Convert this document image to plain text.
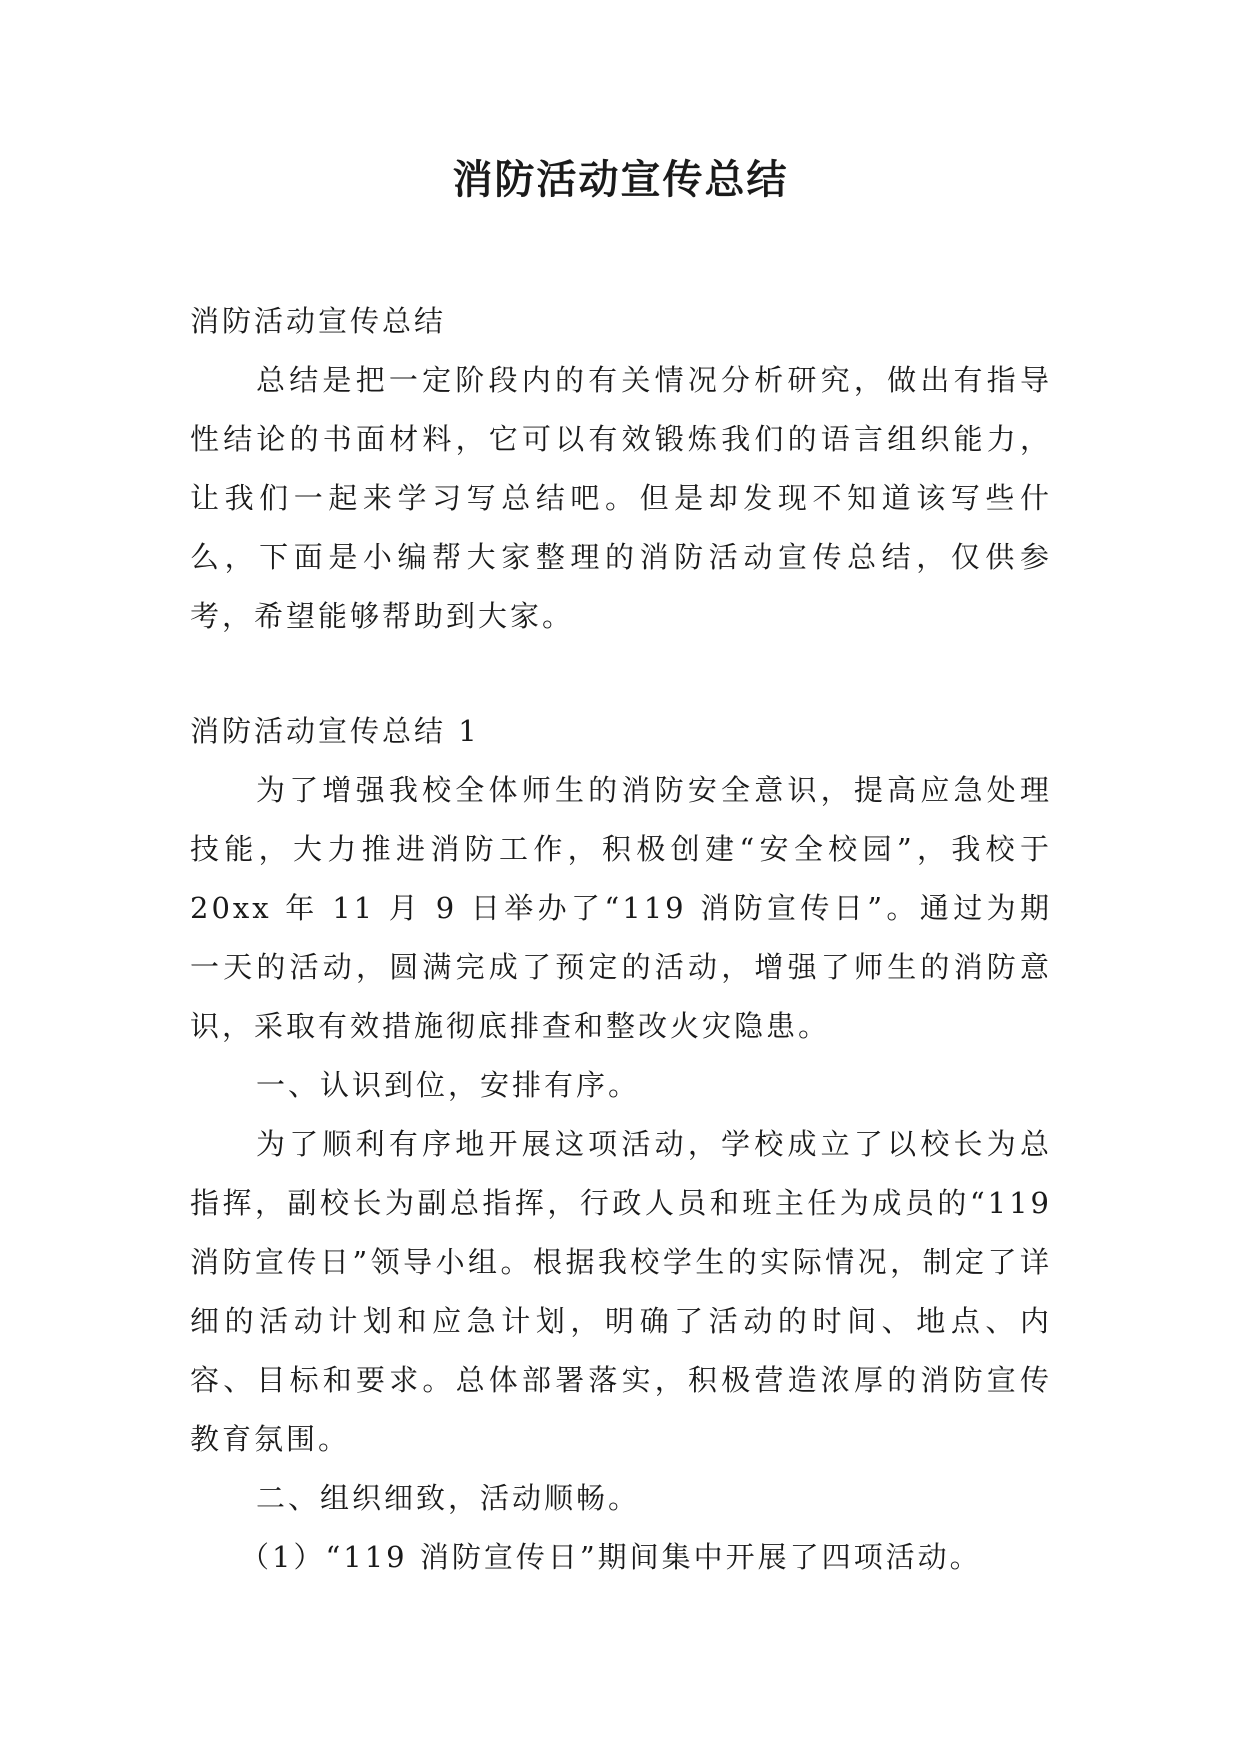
消防活动宣传总结

消防活动宣传总结

总结是把一定阶段内的有关情况分析研究，做出有指导性结论的书面材料，它可以有效锻炼我们的语言组织能力，让我们一起来学习写总结吧。但是却发现不知道该写些什么，下面是小编帮大家整理的消防活动宣传总结，仅供参考，希望能够帮助到大家。

消防活动宣传总结 1

为了增强我校全体师生的消防安全意识，提高应急处理技能，大力推进消防工作，积极创建“安全校园”，我校于 20xx 年 11 月 9 日举办了“119 消防宣传日”。通过为期一天的活动，圆满完成了预定的活动，增强了师生的消防意识，采取有效措施彻底排查和整改火灾隐患。

一、认识到位，安排有序。

为了顺利有序地开展这项活动，学校成立了以校长为总指挥，副校长为副总指挥，行政人员和班主任为成员的“119 消防宣传日”领导小组。根据我校学生的实际情况，制定了详细的活动计划和应急计划，明确了活动的时间、地点、内容、目标和要求。总体部署落实，积极营造浓厚的消防宣传教育氛围。

二、组织细致，活动顺畅。

（1）“119 消防宣传日”期间集中开展了四项活动。
